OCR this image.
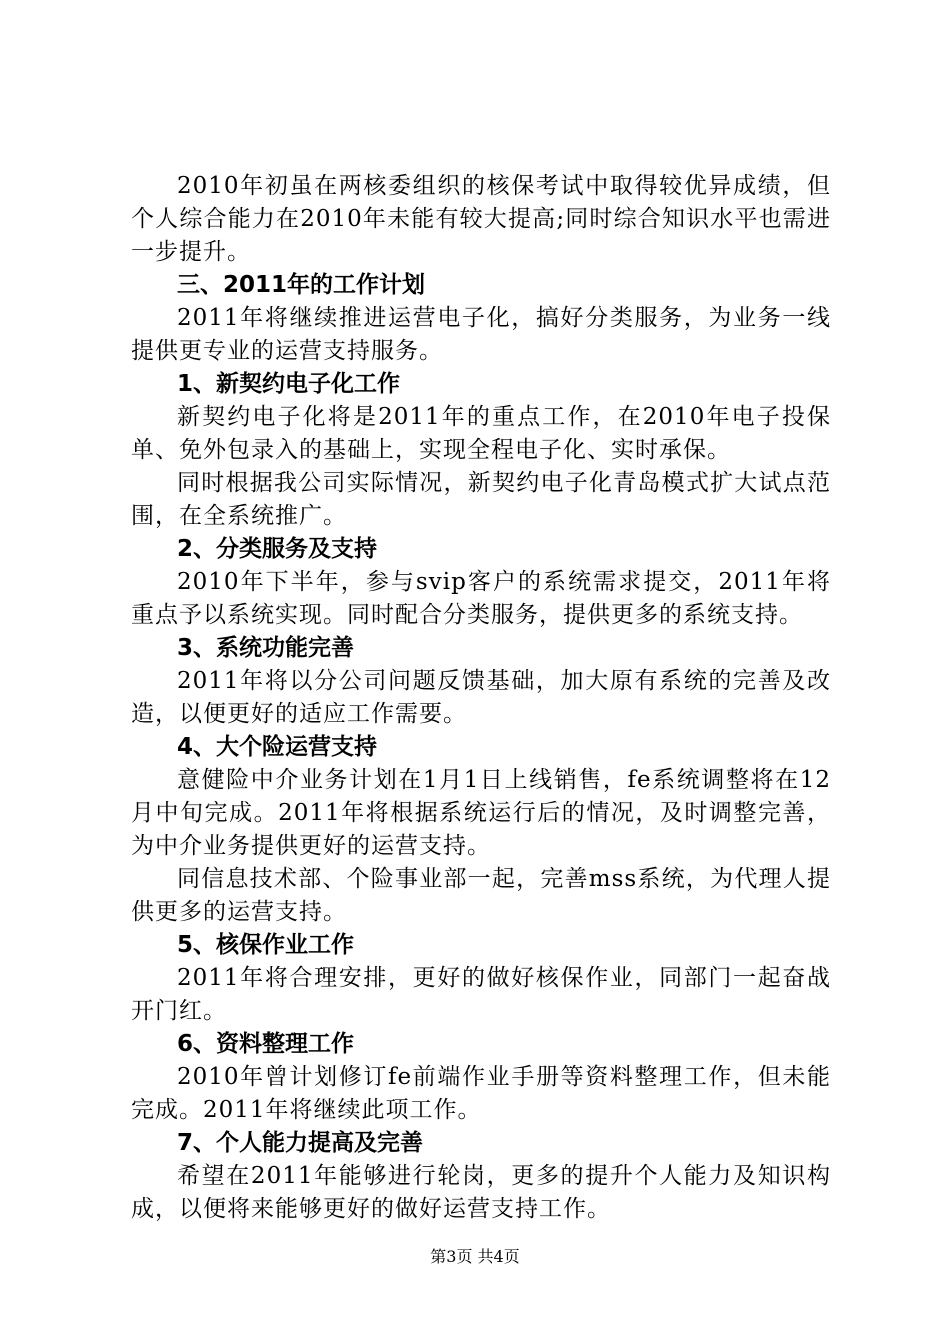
2010年初虽在两核委组织的核保考试中取得较优异成绩，但个人综合能力在2010年未能有较大提高;同时综合知识水平也需进一步提升。

三、2011年的工作计划

2011年将继续推进运营电子化，搞好分类服务，为业务一线提供更专业的运营支持服务。

1、新契约电子化工作

新契约电子化将是2011年的重点工作，在2010年电子投保单、免外包录入的基础上，实现全程电子化、实时承保。

同时根据我公司实际情况，新契约电子化青岛模式扩大试点范围，在全系统推广。

2、分类服务及支持

2010年下半年，参与svip客户的系统需求提交，2011年将重点予以系统实现。同时配合分类服务，提供更多的系统支持。

3、系统功能完善

2011年将以分公司问题反馈基础，加大原有系统的完善及改造，以便更好的适应工作需要。

4、大个险运营支持

意健险中介业务计划在1月1日上线销售，fe系统调整将在12月中旬完成。2011年将根据系统运行后的情况，及时调整完善，为中介业务提供更好的运营支持。

同信息技术部、个险事业部一起，完善mss系统，为代理人提供更多的运营支持。

5、核保作业工作

2011年将合理安排，更好的做好核保作业，同部门一起奋战开门红。

6、资料整理工作

2010年曾计划修订fe前端作业手册等资料整理工作，但未能完成。2011年将继续此项工作。

7、个人能力提高及完善

希望在2011年能够进行轮岗，更多的提升个人能力及知识构成，以便将来能够更好的做好运营支持工作。

第3页 共4页
